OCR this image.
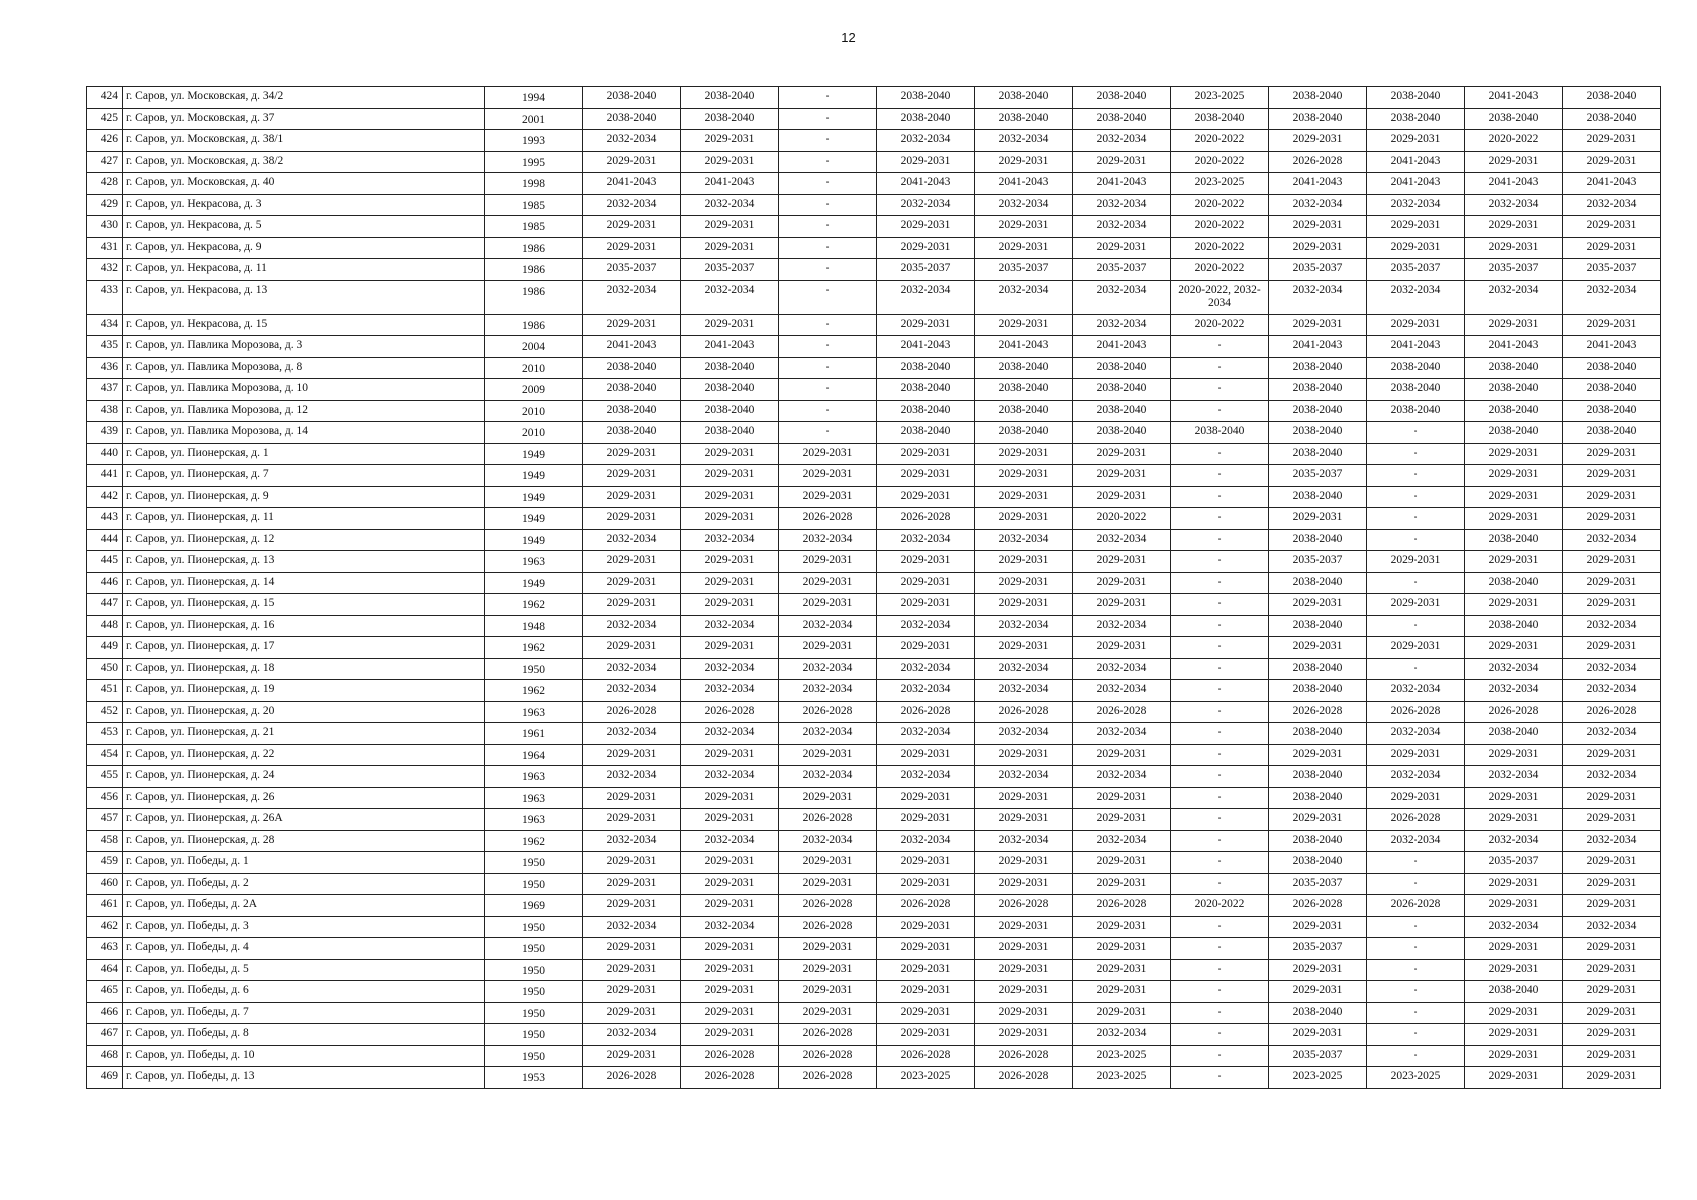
12
424	г. Саров, ул. Московская, д. 34/2	1994	2038-2040	2038-2040	-	2038-2040	2038-2040	2038-2040	2023-2025	2038-2040	2038-2040	2041-2043	2038-2040
425	г. Саров, ул. Московская, д. 37	2001	2038-2040	2038-2040	-	2038-2040	2038-2040	2038-2040	2038-2040	2038-2040	2038-2040	2038-2040	2038-2040
426	г. Саров, ул. Московская, д. 38/1	1993	2032-2034	2029-2031	-	2032-2034	2032-2034	2032-2034	2020-2022	2029-2031	2029-2031	2020-2022	2029-2031
427	г. Саров, ул. Московская, д. 38/2	1995	2029-2031	2029-2031	-	2029-2031	2029-2031	2029-2031	2020-2022	2026-2028	2041-2043	2029-2031	2029-2031
428	г. Саров, ул. Московская, д. 40	1998	2041-2043	2041-2043	-	2041-2043	2041-2043	2041-2043	2023-2025	2041-2043	2041-2043	2041-2043	2041-2043
429	г. Саров, ул. Некрасова, д. 3	1985	2032-2034	2032-2034	-	2032-2034	2032-2034	2032-2034	2020-2022	2032-2034	2032-2034	2032-2034	2032-2034
430	г. Саров, ул. Некрасова, д. 5	1985	2029-2031	2029-2031	-	2029-2031	2029-2031	2032-2034	2020-2022	2029-2031	2029-2031	2029-2031	2029-2031
431	г. Саров, ул. Некрасова, д. 9	1986	2029-2031	2029-2031	-	2029-2031	2029-2031	2029-2031	2020-2022	2029-2031	2029-2031	2029-2031	2029-2031
432	г. Саров, ул. Некрасова, д. 11	1986	2035-2037	2035-2037	-	2035-2037	2035-2037	2035-2037	2020-2022	2035-2037	2035-2037	2035-2037	2035-2037
433	г. Саров, ул. Некрасова, д. 13	1986	2032-2034	2032-2034	-	2032-2034	2032-2034	2032-2034	2020-2022, 2032-2034	2032-2034	2032-2034	2032-2034	2032-2034
434	г. Саров, ул. Некрасова, д. 15	1986	2029-2031	2029-2031	-	2029-2031	2029-2031	2032-2034	2020-2022	2029-2031	2029-2031	2029-2031	2029-2031
435	г. Саров, ул. Павлика Морозова, д. 3	2004	2041-2043	2041-2043	-	2041-2043	2041-2043	2041-2043	-	2041-2043	2041-2043	2041-2043	2041-2043
436	г. Саров, ул. Павлика Морозова, д. 8	2010	2038-2040	2038-2040	-	2038-2040	2038-2040	2038-2040	-	2038-2040	2038-2040	2038-2040	2038-2040
437	г. Саров, ул. Павлика Морозова, д. 10	2009	2038-2040	2038-2040	-	2038-2040	2038-2040	2038-2040	-	2038-2040	2038-2040	2038-2040	2038-2040
438	г. Саров, ул. Павлика Морозова, д. 12	2010	2038-2040	2038-2040	-	2038-2040	2038-2040	2038-2040	-	2038-2040	2038-2040	2038-2040	2038-2040
439	г. Саров, ул. Павлика Морозова, д. 14	2010	2038-2040	2038-2040	-	2038-2040	2038-2040	2038-2040	2038-2040	2038-2040	-	2038-2040	2038-2040
440	г. Саров, ул. Пионерская, д. 1	1949	2029-2031	2029-2031	2029-2031	2029-2031	2029-2031	2029-2031	-	2038-2040	-	2029-2031	2029-2031
441	г. Саров, ул. Пионерская, д. 7	1949	2029-2031	2029-2031	2029-2031	2029-2031	2029-2031	2029-2031	-	2035-2037	-	2029-2031	2029-2031
442	г. Саров, ул. Пионерская, д. 9	1949	2029-2031	2029-2031	2029-2031	2029-2031	2029-2031	2029-2031	-	2038-2040	-	2029-2031	2029-2031
443	г. Саров, ул. Пионерская, д. 11	1949	2029-2031	2029-2031	2026-2028	2026-2028	2029-2031	2020-2022	-	2029-2031	-	2029-2031	2029-2031
444	г. Саров, ул. Пионерская, д. 12	1949	2032-2034	2032-2034	2032-2034	2032-2034	2032-2034	2032-2034	-	2038-2040	-	2038-2040	2032-2034
445	г. Саров, ул. Пионерская, д. 13	1963	2029-2031	2029-2031	2029-2031	2029-2031	2029-2031	2029-2031	-	2035-2037	2029-2031	2029-2031	2029-2031
446	г. Саров, ул. Пионерская, д. 14	1949	2029-2031	2029-2031	2029-2031	2029-2031	2029-2031	2029-2031	-	2038-2040	-	2038-2040	2029-2031
447	г. Саров, ул. Пионерская, д. 15	1962	2029-2031	2029-2031	2029-2031	2029-2031	2029-2031	2029-2031	-	2029-2031	2029-2031	2029-2031	2029-2031
448	г. Саров, ул. Пионерская, д. 16	1948	2032-2034	2032-2034	2032-2034	2032-2034	2032-2034	2032-2034	-	2038-2040	-	2038-2040	2032-2034
449	г. Саров, ул. Пионерская, д. 17	1962	2029-2031	2029-2031	2029-2031	2029-2031	2029-2031	2029-2031	-	2029-2031	2029-2031	2029-2031	2029-2031
450	г. Саров, ул. Пионерская, д. 18	1950	2032-2034	2032-2034	2032-2034	2032-2034	2032-2034	2032-2034	-	2038-2040	-	2032-2034	2032-2034
451	г. Саров, ул. Пионерская, д. 19	1962	2032-2034	2032-2034	2032-2034	2032-2034	2032-2034	2032-2034	-	2038-2040	2032-2034	2032-2034	2032-2034
452	г. Саров, ул. Пионерская, д. 20	1963	2026-2028	2026-2028	2026-2028	2026-2028	2026-2028	2026-2028	-	2026-2028	2026-2028	2026-2028	2026-2028
453	г. Саров, ул. Пионерская, д. 21	1961	2032-2034	2032-2034	2032-2034	2032-2034	2032-2034	2032-2034	-	2038-2040	2032-2034	2038-2040	2032-2034
454	г. Саров, ул. Пионерская, д. 22	1964	2029-2031	2029-2031	2029-2031	2029-2031	2029-2031	2029-2031	-	2029-2031	2029-2031	2029-2031	2029-2031
455	г. Саров, ул. Пионерская, д. 24	1963	2032-2034	2032-2034	2032-2034	2032-2034	2032-2034	2032-2034	-	2038-2040	2032-2034	2032-2034	2032-2034
456	г. Саров, ул. Пионерская, д. 26	1963	2029-2031	2029-2031	2029-2031	2029-2031	2029-2031	2029-2031	-	2038-2040	2029-2031	2029-2031	2029-2031
457	г. Саров, ул. Пионерская, д. 26А	1963	2029-2031	2029-2031	2026-2028	2029-2031	2029-2031	2029-2031	-	2029-2031	2026-2028	2029-2031	2029-2031
458	г. Саров, ул. Пионерская, д. 28	1962	2032-2034	2032-2034	2032-2034	2032-2034	2032-2034	2032-2034	-	2038-2040	2032-2034	2032-2034	2032-2034
459	г. Саров, ул. Победы, д. 1	1950	2029-2031	2029-2031	2029-2031	2029-2031	2029-2031	2029-2031	-	2038-2040	-	2035-2037	2029-2031
460	г. Саров, ул. Победы, д. 2	1950	2029-2031	2029-2031	2029-2031	2029-2031	2029-2031	2029-2031	-	2035-2037	-	2029-2031	2029-2031
461	г. Саров, ул. Победы, д. 2А	1969	2029-2031	2029-2031	2026-2028	2026-2028	2026-2028	2026-2028	2020-2022	2026-2028	2026-2028	2029-2031	2029-2031
462	г. Саров, ул. Победы, д. 3	1950	2032-2034	2032-2034	2026-2028	2029-2031	2029-2031	2029-2031	-	2029-2031	-	2032-2034	2032-2034
463	г. Саров, ул. Победы, д. 4	1950	2029-2031	2029-2031	2029-2031	2029-2031	2029-2031	2029-2031	-	2035-2037	-	2029-2031	2029-2031
464	г. Саров, ул. Победы, д. 5	1950	2029-2031	2029-2031	2029-2031	2029-2031	2029-2031	2029-2031	-	2029-2031	-	2029-2031	2029-2031
465	г. Саров, ул. Победы, д. 6	1950	2029-2031	2029-2031	2029-2031	2029-2031	2029-2031	2029-2031	-	2029-2031	-	2038-2040	2029-2031
466	г. Саров, ул. Победы, д. 7	1950	2029-2031	2029-2031	2029-2031	2029-2031	2029-2031	2029-2031	-	2038-2040	-	2029-2031	2029-2031
467	г. Саров, ул. Победы, д. 8	1950	2032-2034	2029-2031	2026-2028	2029-2031	2029-2031	2032-2034	-	2029-2031	-	2029-2031	2029-2031
468	г. Саров, ул. Победы, д. 10	1950	2029-2031	2026-2028	2026-2028	2026-2028	2026-2028	2023-2025	-	2035-2037	-	2029-2031	2029-2031
469	г. Саров, ул. Победы, д. 13	1953	2026-2028	2026-2028	2026-2028	2023-2025	2026-2028	2023-2025	-	2023-2025	2023-2025	2029-2031	2029-2031
